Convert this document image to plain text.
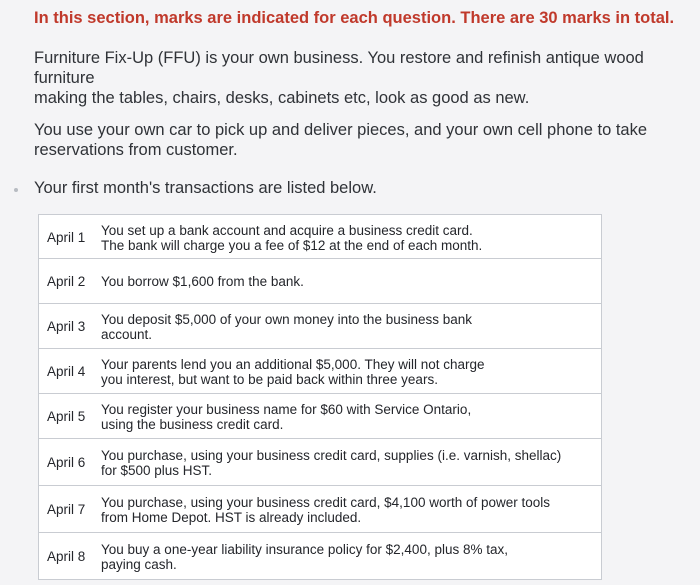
In this section, marks are indicated for each question. There are 30 marks in total.
Furniture Fix-Up (FFU) is your own business. You restore and refinish antique wood
furniture
making the tables, chairs, desks, cabinets etc, look as good as new.
You use your own car to pick up and deliver pieces, and your own cell phone to take
reservations from customer.
Your first month's transactions are listed below.
April 1 You set up a bank account and acquire a business credit card.
The bank will charge you a fee of $12 at the end of each month.
April 2 You borrow $1,600 from the bank.
April 3 You deposit $5,000 of your own money into the business bank
account.
April 4 Your parents lend you an additional $5,000. They will not charge
you interest, but want to be paid back within three years.
April 5 You register your business name for $60 with Service Ontario,
using the business credit card.
April 6 You purchase, using your business credit card, supplies (i.e. varnish, shellac)
for $500 plus HST.
April 7 You purchase, using your business credit card, $4,100 worth of power tools
from Home Depot. HST is already included.
April 8 You buy a one-year liability insurance policy for $2,400, plus 8% tax,
paying cash.
